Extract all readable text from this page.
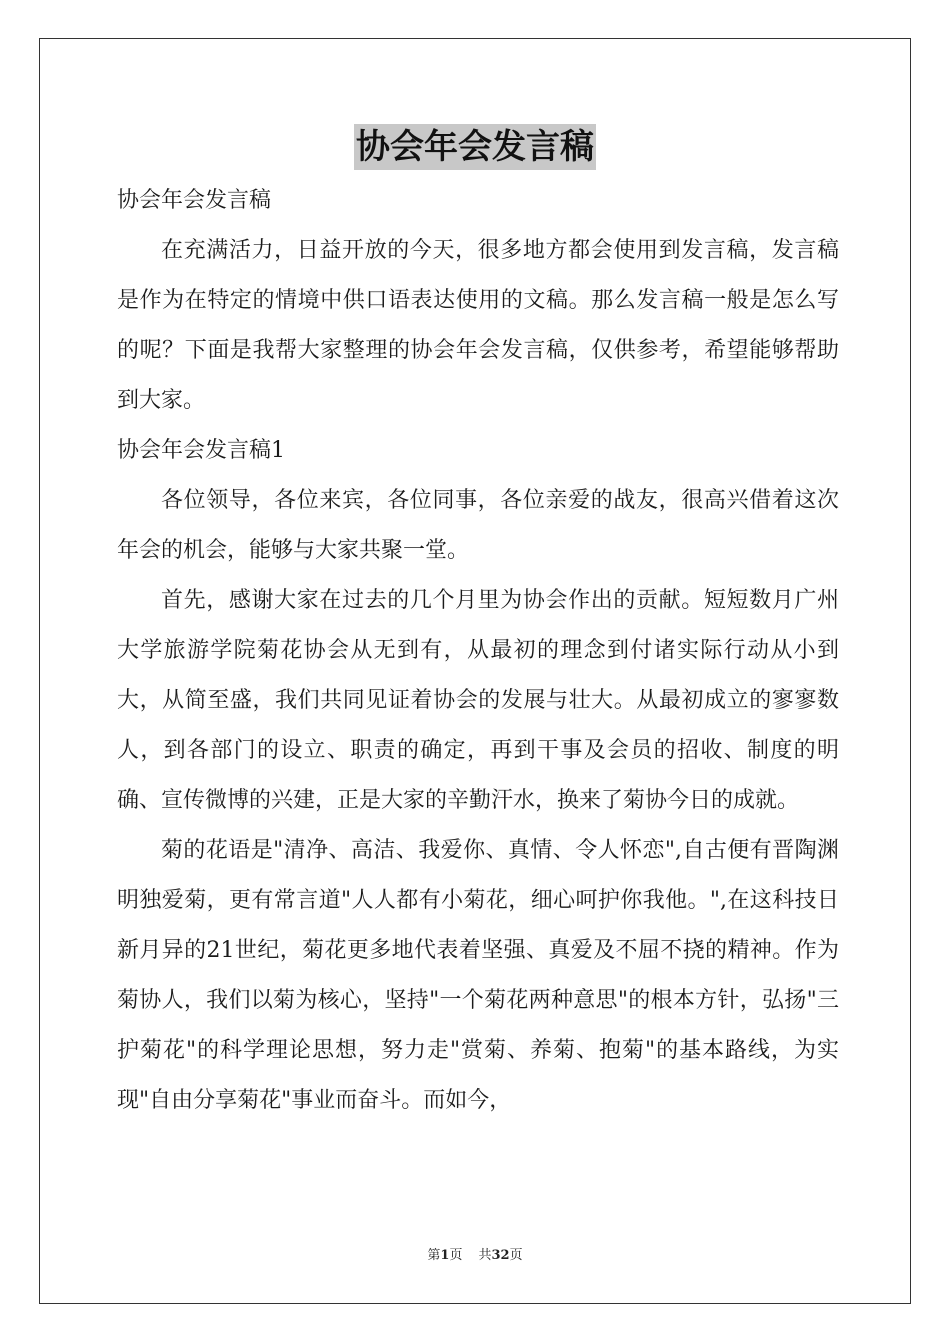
协会年会发言稿

协会年会发言稿

在充满活力，日益开放的今天，很多地方都会使用到发言稿，发言稿是作为在特定的情境中供口语表达使用的文稿。那么发言稿一般是怎么写的呢？下面是我帮大家整理的协会年会发言稿，仅供参考，希望能够帮助到大家。

协会年会发言稿1

各位领导，各位来宾，各位同事，各位亲爱的战友，很高兴借着这次年会的机会，能够与大家共聚一堂。

首先，感谢大家在过去的几个月里为协会作出的贡献。短短数月广州大学旅游学院菊花协会从无到有，从最初的理念到付诸实际行动从小到大，从简至盛，我们共同见证着协会的发展与壮大。从最初成立的寥寥数人，到各部门的设立、职责的确定，再到干事及会员的招收、制度的明确、宣传微博的兴建，正是大家的辛勤汗水，换来了菊协今日的成就。

菊的花语是"清净、高洁、我爱你、真情、令人怀恋",自古便有晋陶渊明独爱菊，更有常言道"人人都有小菊花，细心呵护你我他。",在这科技日新月异的21世纪，菊花更多地代表着坚强、真爱及不屈不挠的精神。作为菊协人，我们以菊为核心，坚持"一个菊花两种意思"的根本方针，弘扬"三护菊花"的科学理论思想，努力走"赏菊、养菊、抱菊"的基本路线，为实现"自由分享菊花"事业而奋斗。而如今，

第1页 共32页
